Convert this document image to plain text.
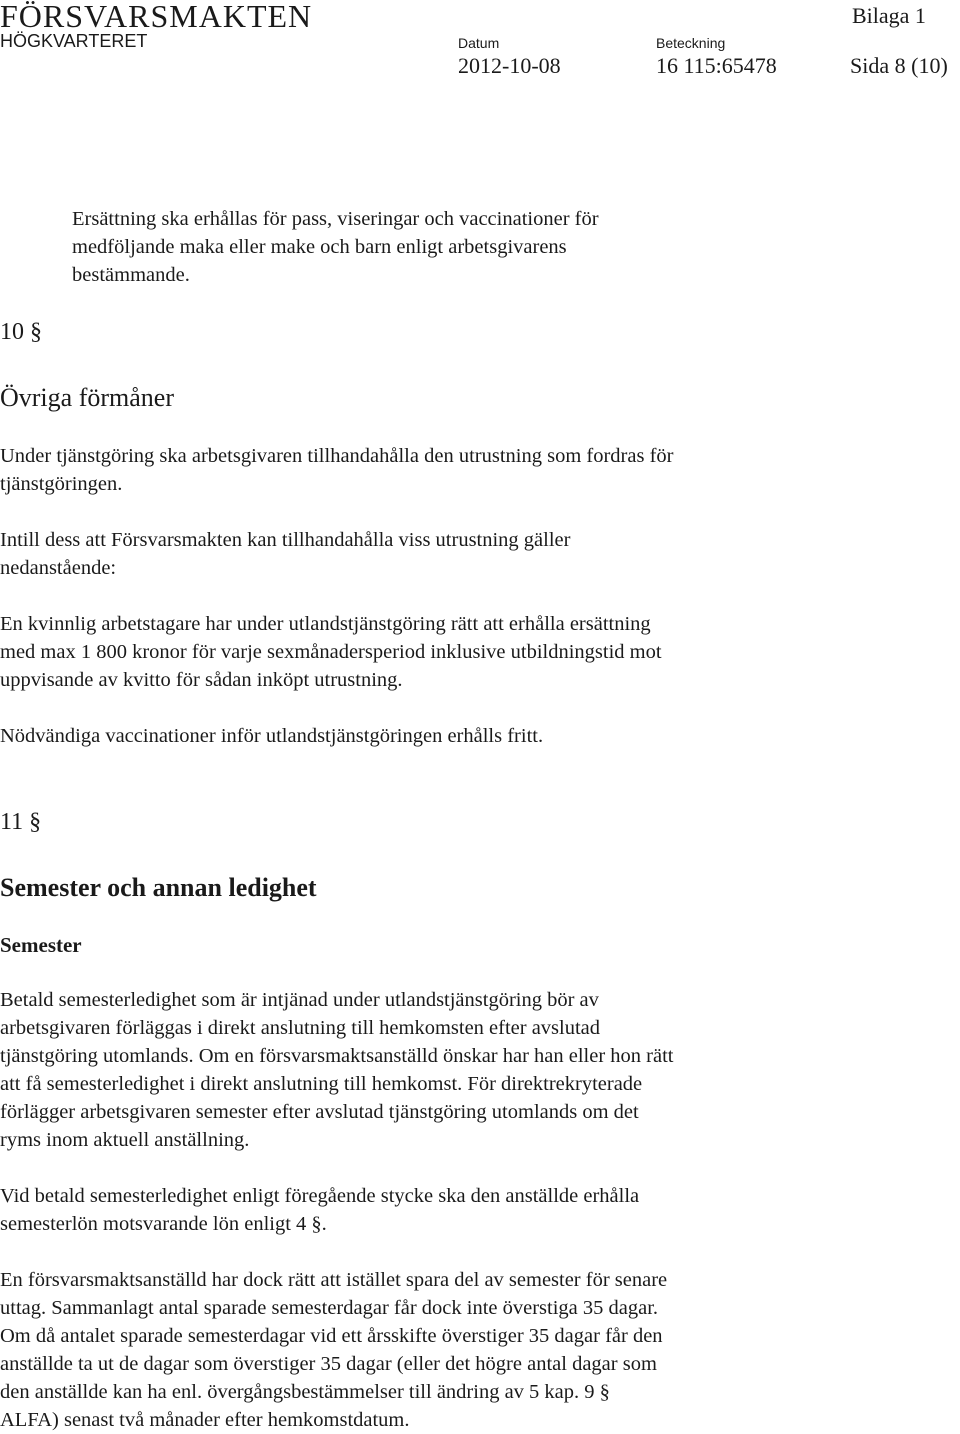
FÖRSVARSMAKTEN
HÖGKVARTERET
Bilaga 1
Datum
2012-10-08
Beteckning
16 115:65478	Sida 8 (10)
Ersättning ska erhållas för pass, viseringar och vaccinationer för
medföljande maka eller make och barn enligt arbetsgivarens
bestämmande.
10 §
Övriga förmåner
Under tjänstgöring ska arbetsgivaren tillhandahålla den utrustning som fordras för
tjänstgöringen.
Intill dess att Försvarsmakten kan tillhandahålla viss utrustning gäller
nedanstående:
En kvinnlig arbetstagare har under utlandstjänstgöring rätt att erhålla ersättning
med max 1 800 kronor för varje sexmånadersperiod inklusive utbildningstid mot
uppvisande av kvitto för sådan inköpt utrustning.
Nödvändiga vaccinationer inför utlandstjänstgöringen erhålls fritt.
11 §
Semester och annan ledighet
Semester
Betald semesterledighet som är intjänad under utlandstjänstgöring bör av
arbetsgivaren förläggas i direkt anslutning till hemkomsten efter avslutad
tjänstgöring utomlands. Om en försvarsmaktsanställd önskar har han eller hon rätt
att få semesterledighet i direkt anslutning till hemkomst. För direktrekryterade
förlägger arbetsgivaren semester efter avslutad tjänstgöring utomlands om det
ryms inom aktuell anställning.
Vid betald semesterledighet enligt föregående stycke ska den anställde erhålla
semesterlön motsvarande lön enligt 4 §.
En försvarsmaktsanställd har dock rätt att istället spara del av semester för senare
uttag. Sammanlagt antal sparade semesterdagar får dock inte överstiga 35 dagar.
Om då antalet sparade semesterdagar vid ett årsskifte överstiger 35 dagar får den
anställde ta ut de dagar som överstiger 35 dagar (eller det högre antal dagar som
den anställde kan ha enl. övergångsbestämmelser till ändring av 5 kap. 9 §
ALFA) senast två månader efter hemkomstdatum.
